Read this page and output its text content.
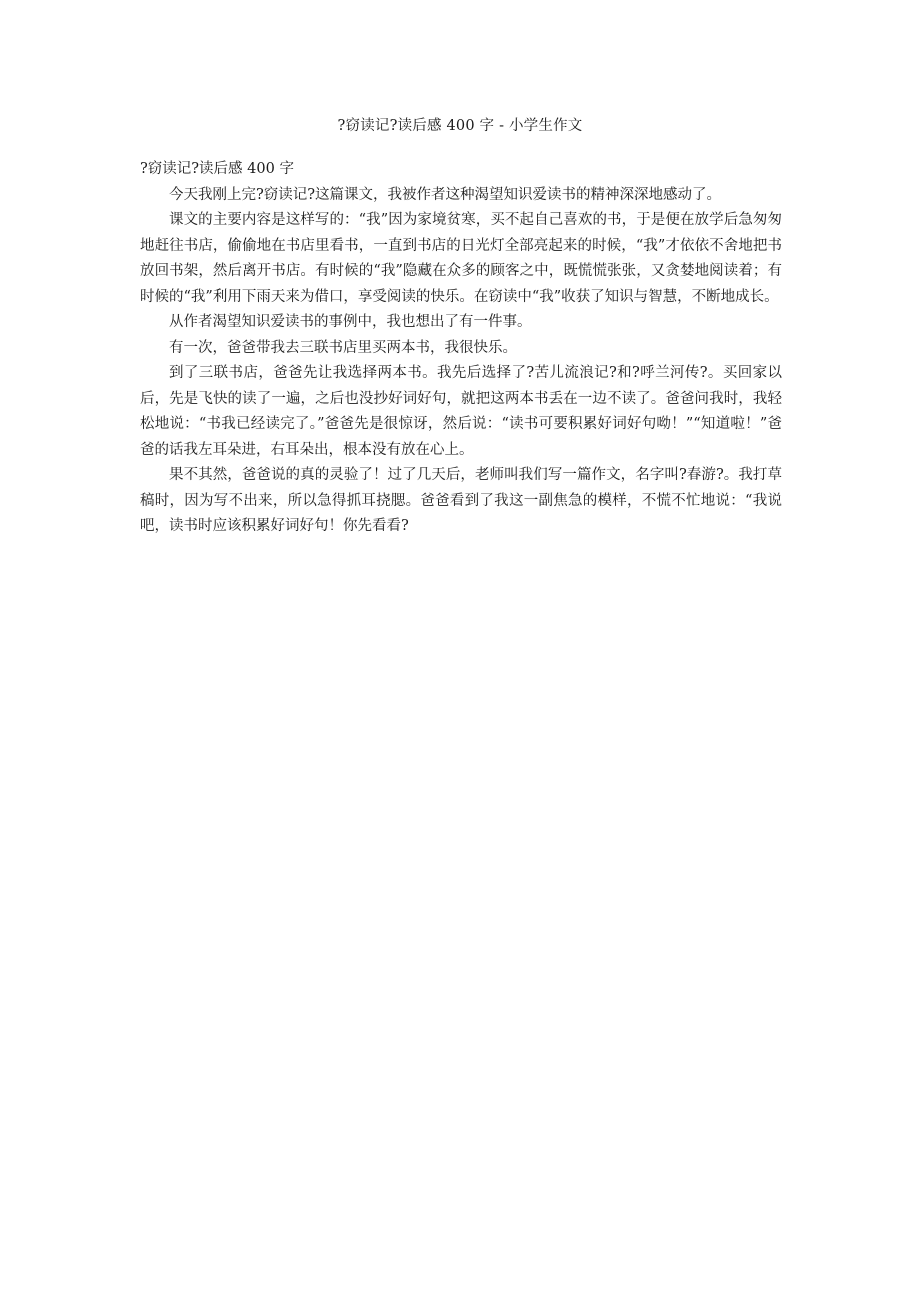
?窃读记?读后感 400 字 - 小学生作文

?窃读记?读后感 400 字

今天我刚上完?窃读记?这篇课文，我被作者这种渴望知识爱读书的精神深深地感动了。

课文的主要内容是这样写的：“我”因为家境贫寒，买不起自己喜欢的书，于是便在放学后急匆匆地赶往书店，偷偷地在书店里看书，一直到书店的日光灯全部亮起来的时候，“我”才依依不舍地把书放回书架，然后离开书店。有时候的“我”隐藏在众多的顾客之中，既慌慌张张，又贪婪地阅读着；有时候的“我”利用下雨天来为借口，享受阅读的快乐。在窃读中“我”收获了知识与智慧，不断地成长。

从作者渴望知识爱读书的事例中，我也想出了有一件事。

有一次，爸爸带我去三联书店里买两本书，我很快乐。

到了三联书店，爸爸先让我选择两本书。我先后选择了?苦儿流浪记?和?呼兰河传?。买回家以后，先是飞快的读了一遍，之后也没抄好词好句，就把这两本书丢在一边不读了。爸爸问我时，我轻松地说：“书我已经读完了。”爸爸先是很惊讶，然后说：“读书可要积累好词好句呦！”“知道啦！”爸爸的话我左耳朵进，右耳朵出，根本没有放在心上。

果不其然，爸爸说的真的灵验了！过了几天后，老师叫我们写一篇作文，名字叫?春游?。我打草稿时，因为写不出来，所以急得抓耳挠腮。爸爸看到了我这一副焦急的模样，不慌不忙地说：“我说吧，读书时应该积累好词好句！你先看看?
